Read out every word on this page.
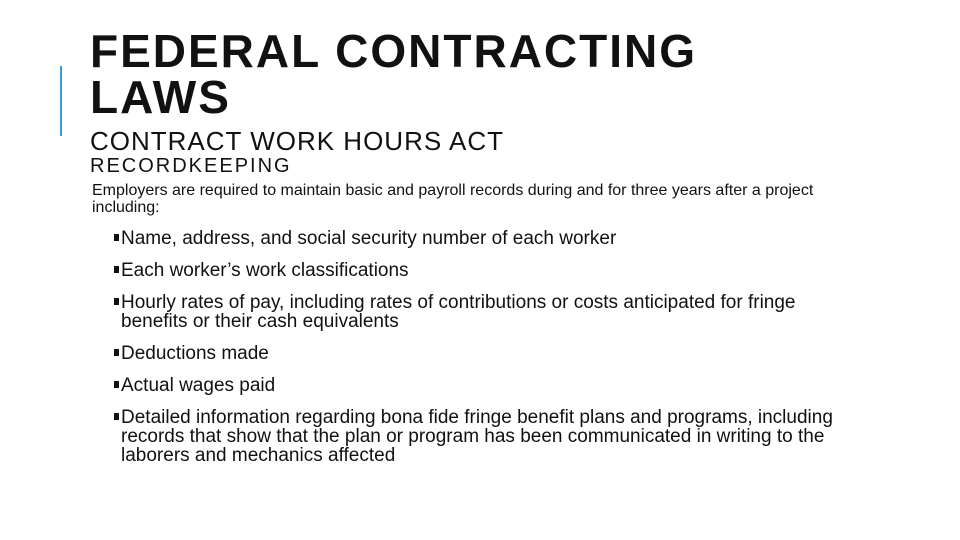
FEDERAL CONTRACTING LAWS
CONTRACT WORK HOURS ACT
RECORDKEEPING

Employers are required to maintain basic and payroll records during and for three years after a project including:

Name, address, and social security number of each worker
Each worker’s work classifications
Hourly rates of pay, including rates of contributions or costs anticipated for fringe benefits or their cash equivalents
Deductions made
Actual wages paid
Detailed information regarding bona fide fringe benefit plans and programs, including records that show that the plan or program has been communicated in writing to the laborers and mechanics affected
